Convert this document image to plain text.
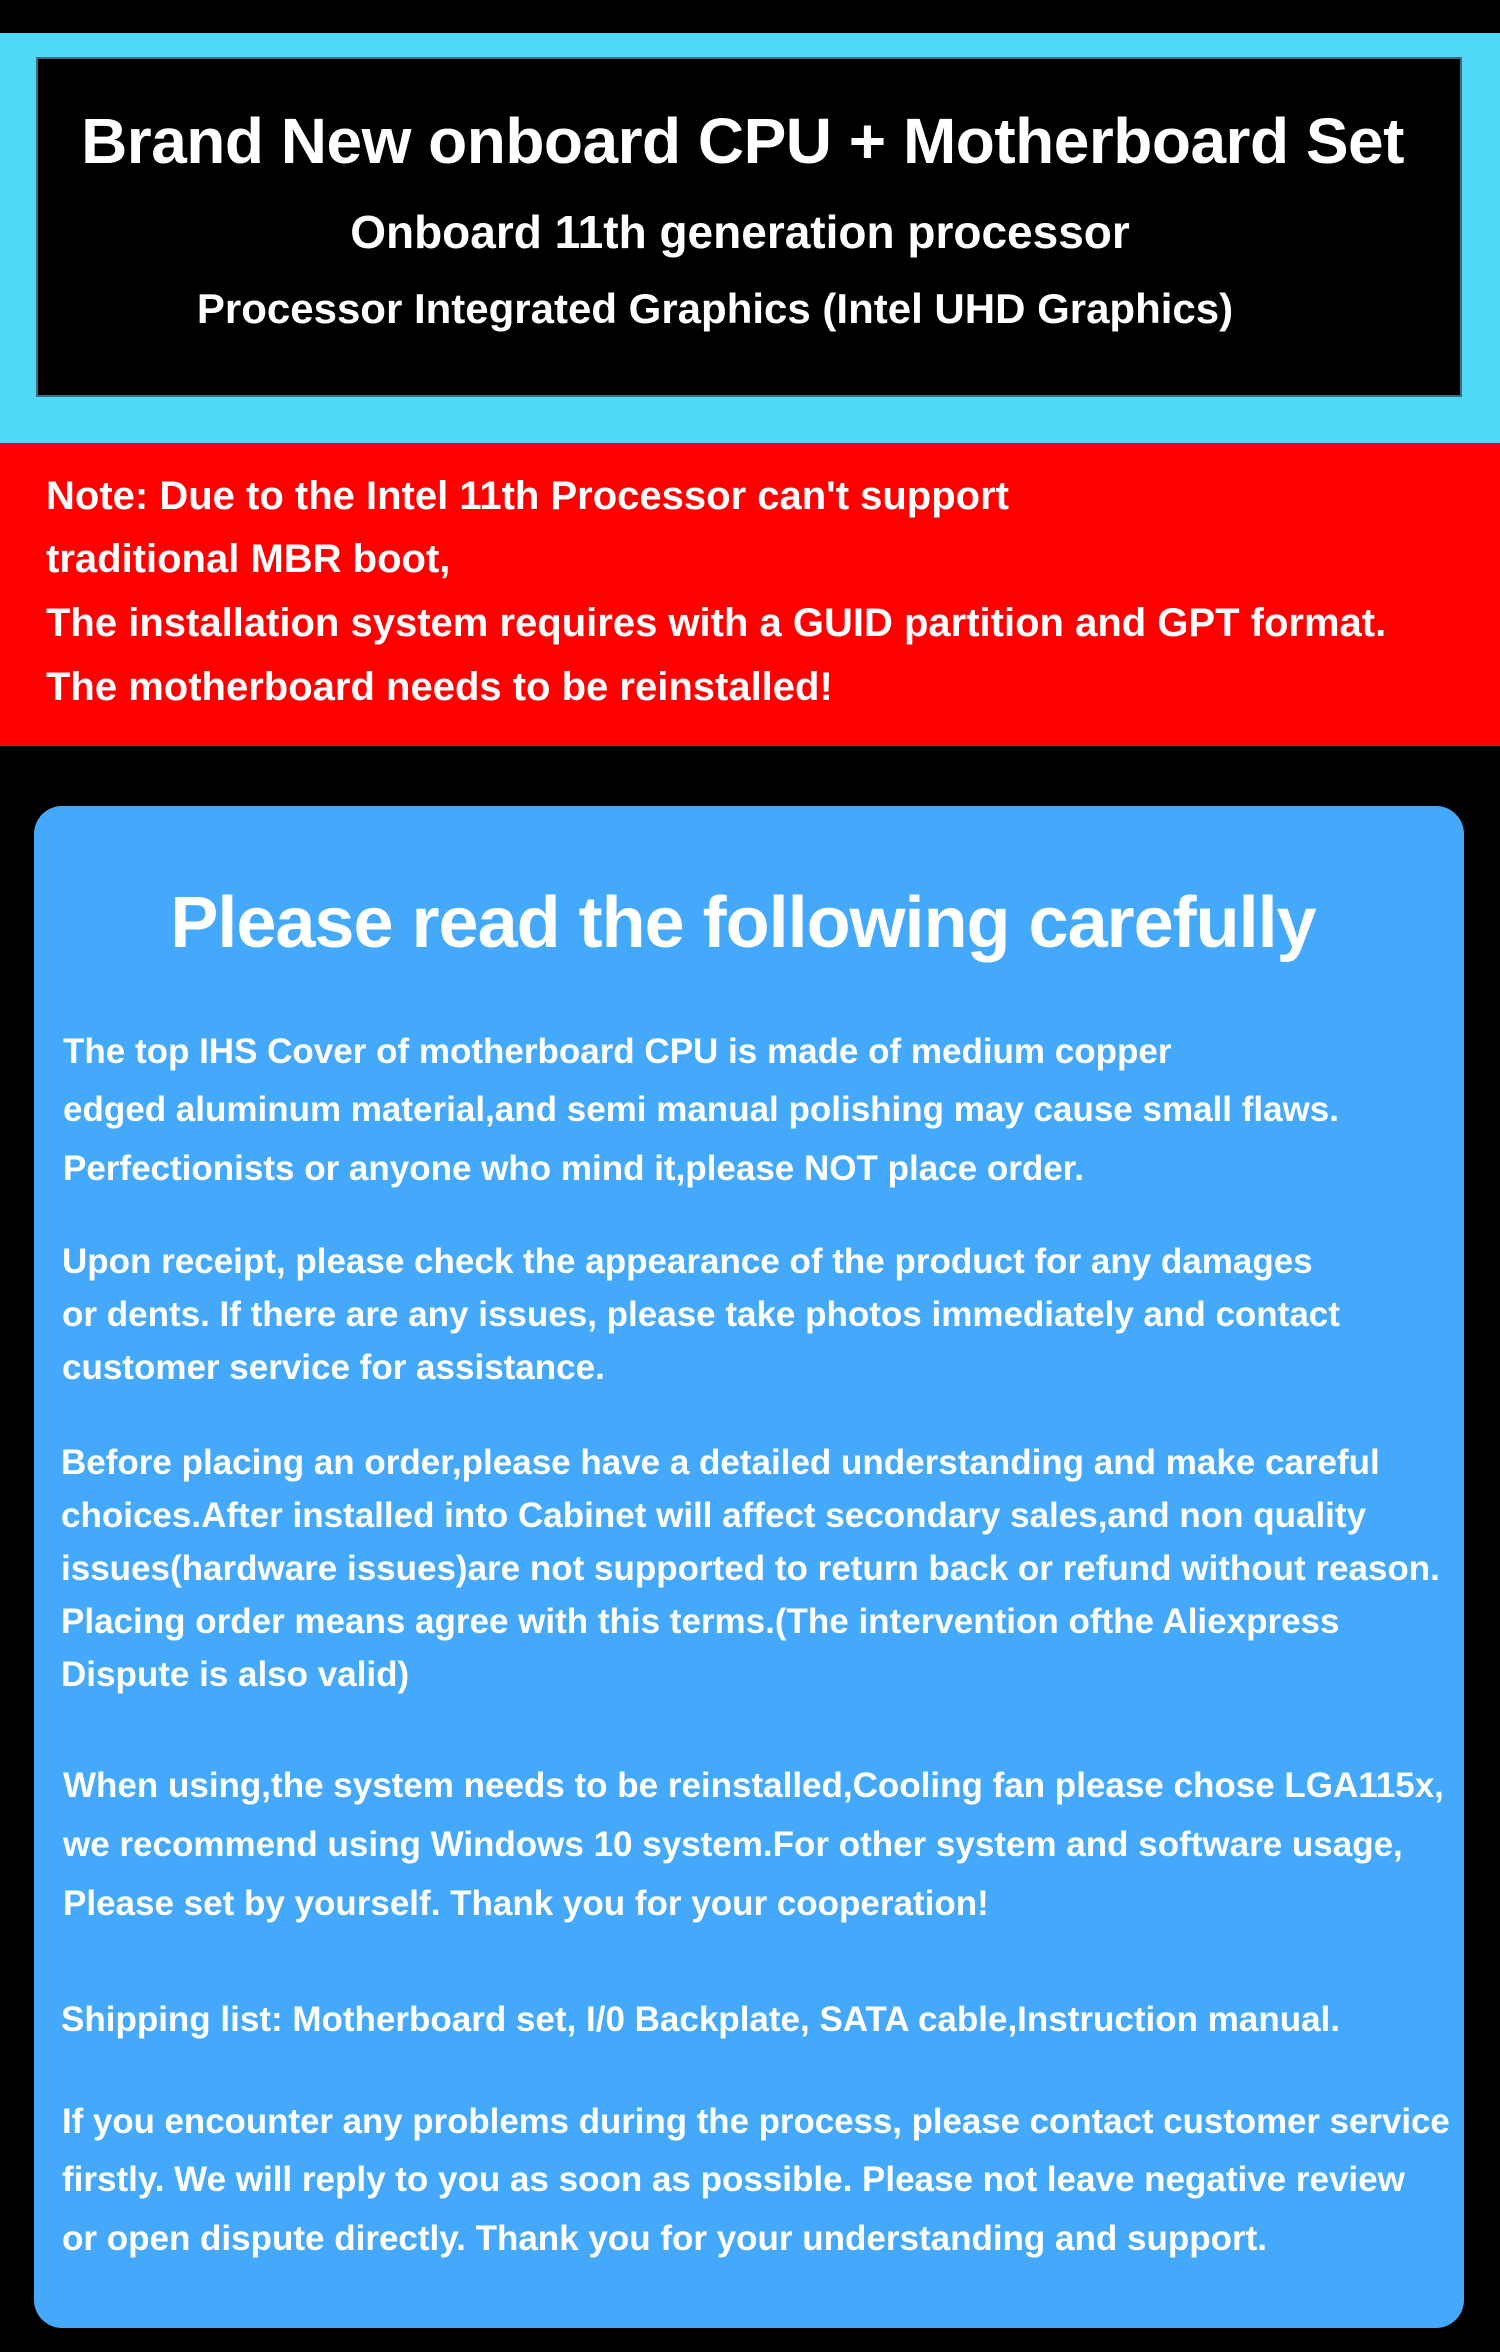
Brand New onboard CPU + Motherboard Set
Onboard 11th generation processor
Processor Integrated Graphics (Intel UHD Graphics)
Note: Due to the Intel 11th Processor can't support
traditional MBR boot,
The installation system requires with a GUID partition and GPT format.
The motherboard needs to be reinstalled!
Please read the following carefully
The top IHS Cover of motherboard CPU is made of medium copper
edged aluminum material,and semi manual polishing may cause small flaws.
Perfectionists or anyone who mind it,please NOT place order.
Upon receipt, please check the appearance of the product for any damages
or dents. If there are any issues, please take photos immediately and contact
customer service for assistance.
Before placing an order,please have a detailed understanding and make careful
choices.After installed into Cabinet will affect secondary sales,and non quality
issues(hardware issues)are not supported to return back or refund without reason.
Placing order means agree with this terms.(The intervention ofthe Aliexpress
Dispute is also valid)
When using,the system needs to be reinstalled,Cooling fan please chose LGA115x,
we recommend using Windows 10 system.For other system and software usage,
Please set by yourself. Thank you for your cooperation!
Shipping list: Motherboard set, I/0 Backplate, SATA cable,Instruction manual.
If you encounter any problems during the process, please contact customer service
firstly. We will reply to you as soon as possible. Please not leave negative review
or open dispute directly. Thank you for your understanding and support.
